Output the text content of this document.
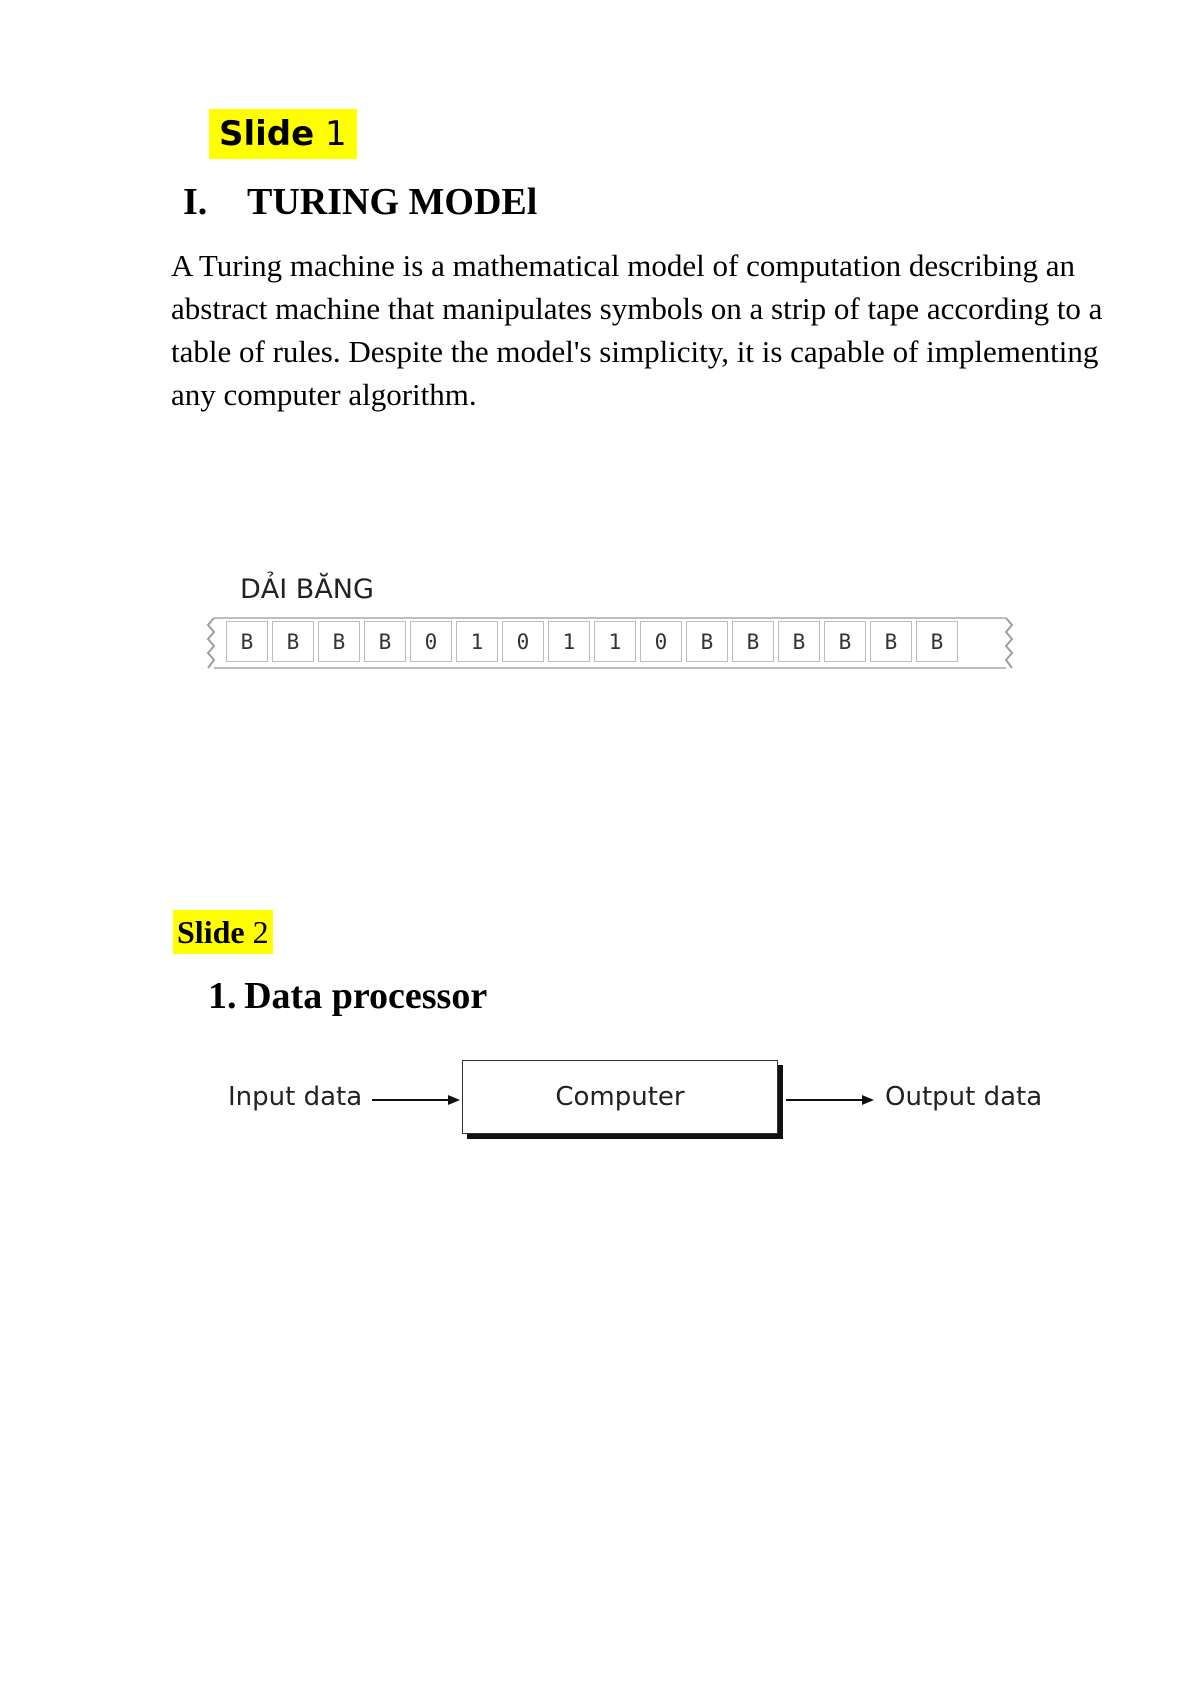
Slide 1
I. TURING MODEl
A Turing machine is a mathematical model of computation describing an abstract machine that manipulates symbols on a strip of tape according to a table of rules. Despite the model's simplicity, it is capable of implementing any computer algorithm.
DẢI BĂNG
B	B	B	B	0	1	0	1	1	0	B	B	B	B	B	B
Slide 2
1. Data processor
Input data	Computer	Output data
